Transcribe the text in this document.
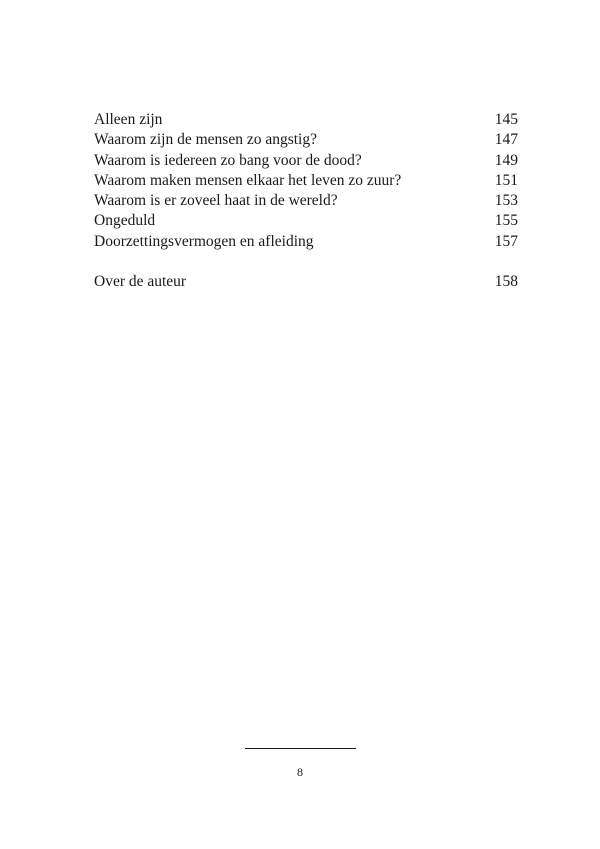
Alleen zijn	145
Waarom zijn de mensen zo angstig?	147
Waarom is iedereen zo bang voor de dood?	149
Waarom maken mensen elkaar het leven zo zuur?	151
Waarom is er zoveel haat in de wereld?	153
Ongeduld	155
Doorzettingsvermogen en afleiding	157
Over de auteur	158
8
